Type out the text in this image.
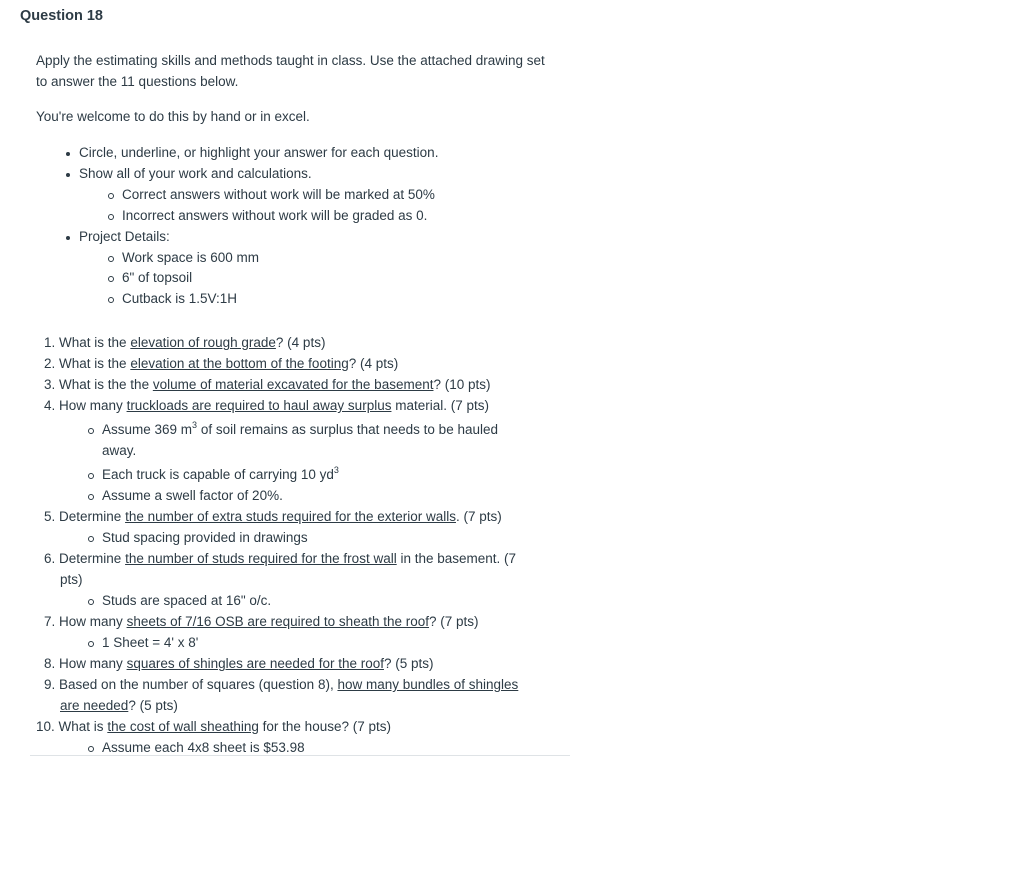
Question 18
Apply the estimating skills and methods taught in class. Use the attached drawing set
to answer the 11 questions below.
You're welcome to do this by hand or in excel.
Circle, underline, or highlight your answer for each question.
Show all of your work and calculations.
Correct answers without work will be marked at 50%
Incorrect answers without work will be graded as 0.
Project Details:
Work space is 600 mm
6" of topsoil
Cutback is 1.5V:1H
1. What is the elevation of rough grade? (4 pts)
2. What is the elevation at the bottom of the footing? (4 pts)
3. What is the the volume of material excavated for the basement? (10 pts)
4. How many truckloads are required to haul away surplus material. (7 pts)
Assume 369 $m^3$ of soil remains as surplus that needs to be hauled
away.
Each truck is capable of carrying 10 $yd^3$
Assume a swell factor of 20%.
5. Determine the number of extra studs required for the exterior walls. (7 pts)
Stud spacing provided in drawings
6. Determine the number of studs required for the frost wall in the basement. (7
pts)
Studs are spaced at 16" o/c.
7. How many sheets of 7/16 OSB are required to sheath the roof? (7 pts)
1 Sheet = 4' x 8'
8. How many squares of shingles are needed for the roof? (5 pts)
9. Based on the number of squares (question 8), how many bundles of shingles
are needed? (5 pts)
10. What is the cost of wall sheathing for the house? (7 pts)
Assume each 4x8 sheet is $53.98
